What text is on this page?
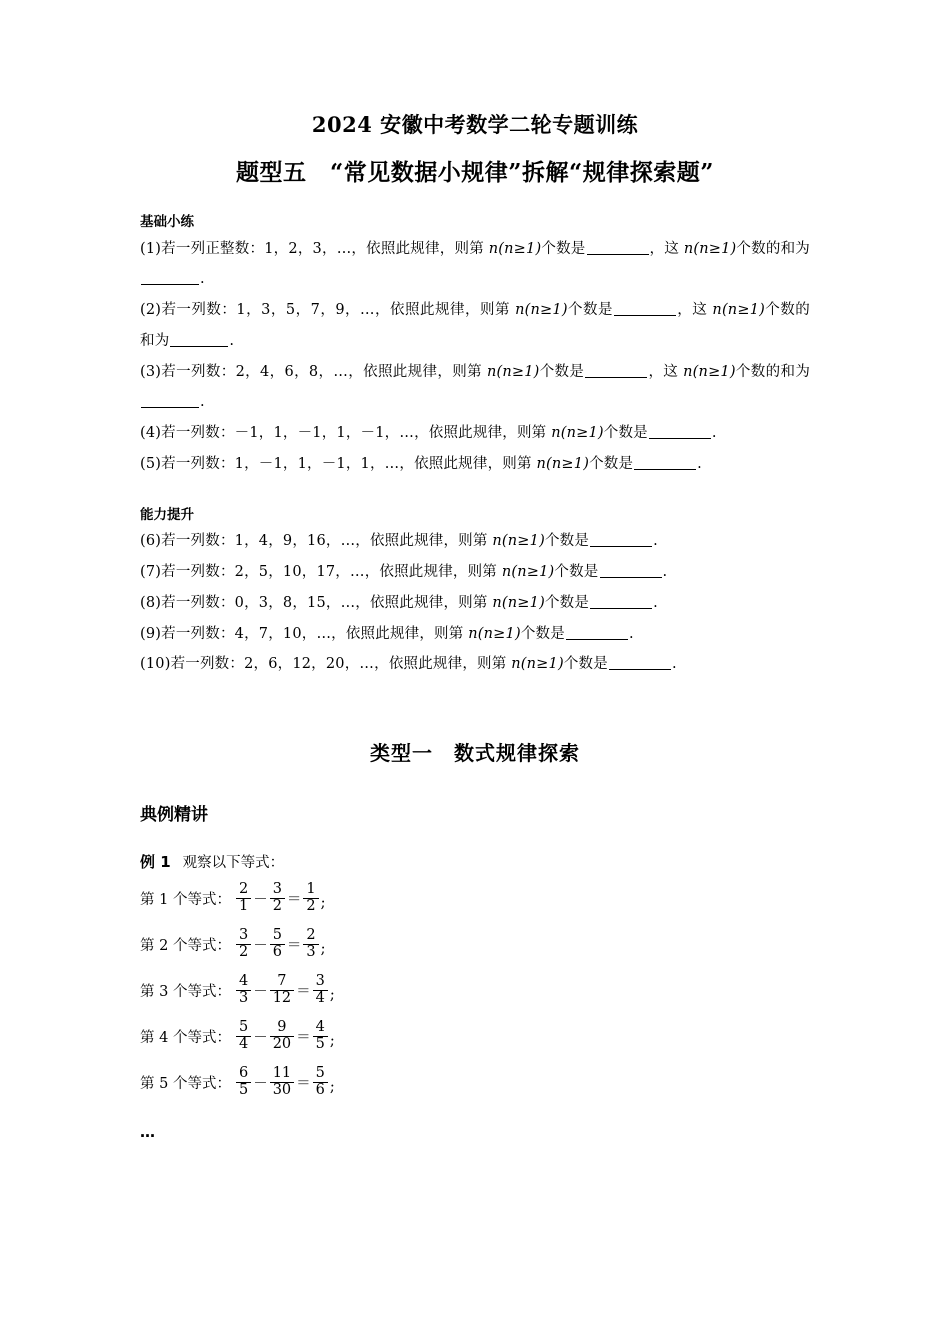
2024 安徽中考数学二轮专题训练
题型五　“常见数据小规律”拆解“规律探索题”
基础小练

(1)若一列正整数：1，2，3，…，依照此规律，则第 n(n≥1)个数是	，这 n(n≥1)个数的和为.

(2)若一列数：1，3，5，7，9，…，依照此规律，则第 n(n≥1)个数是	，这 n(n≥1)个数的和为	.

(3)若一列数：2，4，6，8，…，依照此规律，则第 n(n≥1)个数是	，这 n(n≥1)个数的和为.

(4)若一列数：－1，1，－1，1，－1，…，依照此规律，则第 n(n≥1)个数是	.

(5)若一列数：1，－1，1，－1，1，…，依照此规律，则第 n(n≥1)个数是	.

能力提升

(6)若一列数：1，4，9，16，…，依照此规律，则第 n(n≥1)个数是	.

(7)若一列数：2，5，10，17，…，依照此规律，则第 n(n≥1)个数是	.

(8)若一列数：0，3，8，15，…，依照此规律，则第 n(n≥1)个数是	.

(9)若一列数：4，7，10，…，依照此规律，则第 n(n≥1)个数是	.

(10)若一列数：2，6，12，20，…，依照此规律，则第 n(n≥1)个数是	.

类型一　数式规律探索
典例精讲

例 1 观察以下等式：

第 1 个等式： $\frac{2}{1} - \frac{3}{2} = \frac{1}{2}$ ;
第 2 个等式： $\frac{3}{2} - \frac{5}{6} = \frac{2}{3}$ ;
第 3 个等式： $\frac{4}{3} - \frac{7}{12} = \frac{3}{4}$ ;
第 4 个等式： $\frac{5}{4} - \frac{9}{20} = \frac{4}{5}$ ;
第 5 个等式： $\frac{6}{5} - \frac{11}{30} = \frac{5}{6}$ ;

…
